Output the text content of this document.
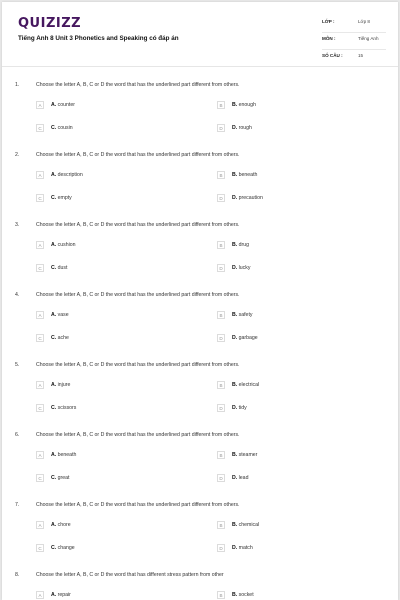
QUIZIZZ
Tiếng Anh 8 Unit 3 Phonetics and Speaking có đáp án
LỚP :	Lớp 8
MÔN :	Tiếng Anh
SỐ CÂU :	15
1.	Choose the letter A, B, C or D the word that has the underlined part different from others.
A	A. counter	B	B. enough
C	C. cousin	D	D. rough
2.	Choose the letter A, B, C or D the word that has the underlined part different from others.
A	A. description	B	B. beneath
C	C. empty	D	D. precaution
3.	Choose the letter A, B, C or D the word that has the underlined part different from others.
A	A. cushion	B	B. drug
C	C. dust	D	D. lucky
4.	Choose the letter A, B, C or D the word that has the underlined part different from others.
A	A. vase	B	B. safety
C	C. ache	D	D. garbage
5.	Choose the letter A, B, C or D the word that has the underlined part different from others.
A	A. injure	B	B. electrical
C	C. scissors	D	D. tidy
6.	Choose the letter A, B, C or D the word that has the underlined part different from others.
A	A. beneath	B	B. steamer
C	C. great	D	D. lead
7.	Choose the letter A, B, C or D the word that has the underlined part different from others.
A	A. chore	B	B. chemical
C	C. change	D	D. match
8.	Choose the letter A, B, C or D the word that has different stress pattern from other
A	A. repair	B	B. socket
